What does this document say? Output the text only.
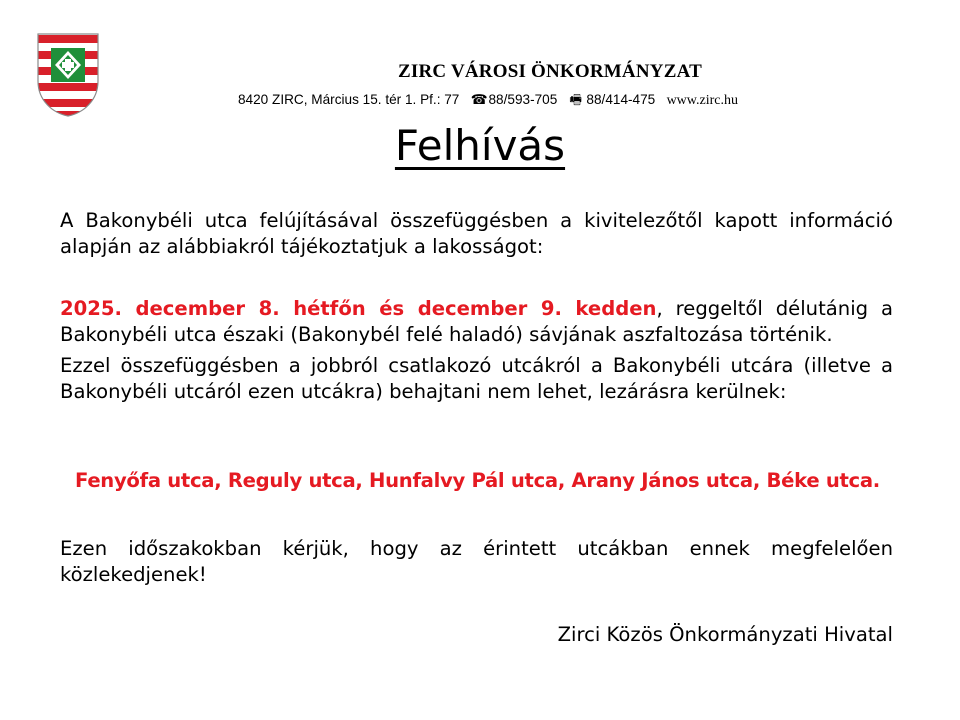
ZIRC VÁROSI ÖNKORMÁNYZAT
8420 ZIRC, Március 15. tér 1. Pf.: 77 ☎ 88/593-705 🖷 88/414-475 www.zirc.hu
Felhívás
A Bakonybéli utca felújításával összefüggésben a kivitelezőtől kapott információ alapján az alábbiakról tájékoztatjuk a lakosságot:
2025. december 8. hétfőn és december 9. kedden, reggeltől délutánig a Bakonybéli utca északi (Bakonybél felé haladó) sávjának aszfaltozása történik.
Ezzel összefüggésben a jobbról csatlakozó utcákról a Bakonybéli utcára (illetve a Bakonybéli utcáról ezen utcákra) behajtani nem lehet, lezárásra kerülnek:
Fenyőfa utca, Reguly utca, Hunfalvy Pál utca, Arany János utca, Béke utca.
Ezen időszakokban kérjük, hogy az érintett utcákban ennek megfelelően közlekedjenek!
Zirci Közös Önkormányzati Hivatal
